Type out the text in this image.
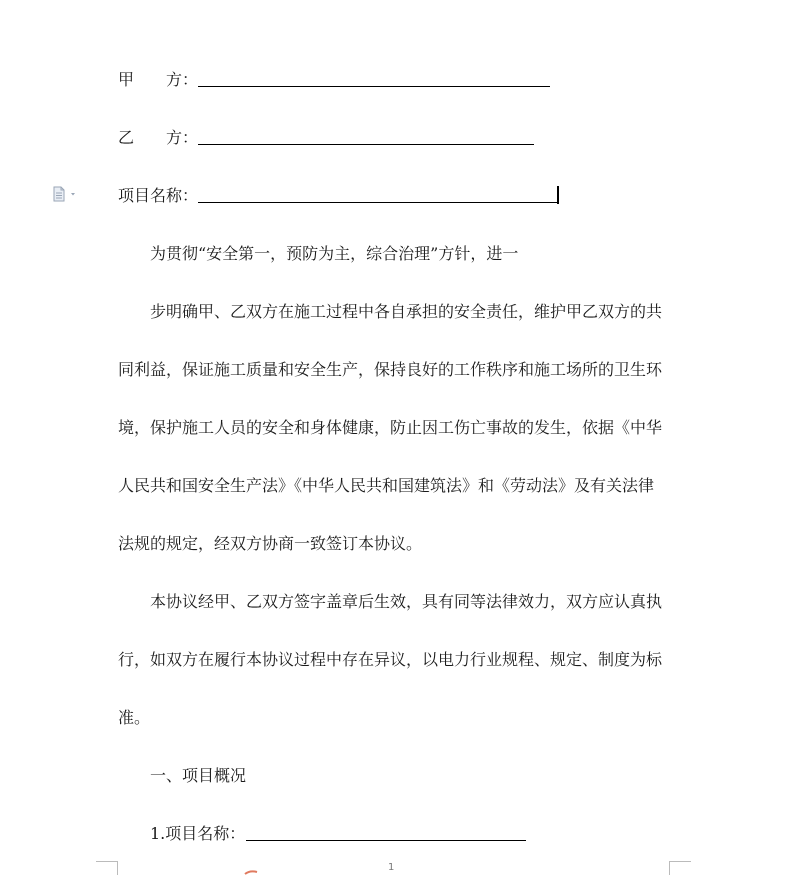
甲　　方：
乙　　方：
项目名称：
为贯彻“安全第一，预防为主，综合治理”方针，进一
步明确甲、乙双方在施工过程中各自承担的安全责任，维护甲乙双方的共
同利益，保证施工质量和安全生产，保持良好的工作秩序和施工场所的卫生环
境，保护施工人员的安全和身体健康，防止因工伤亡事故的发生，依据《中华
人民共和国安全生产法》《中华人民共和国建筑法》和《劳动法》及有关法律
法规的规定，经双方协商一致签订本协议。
本协议经甲、乙双方签字盖章后生效，具有同等法律效力，双方应认真执
行，如双方在履行本协议过程中存在异议，以电力行业规程、规定、制度为标
准。
一、项目概况
1.项目名称：
1
